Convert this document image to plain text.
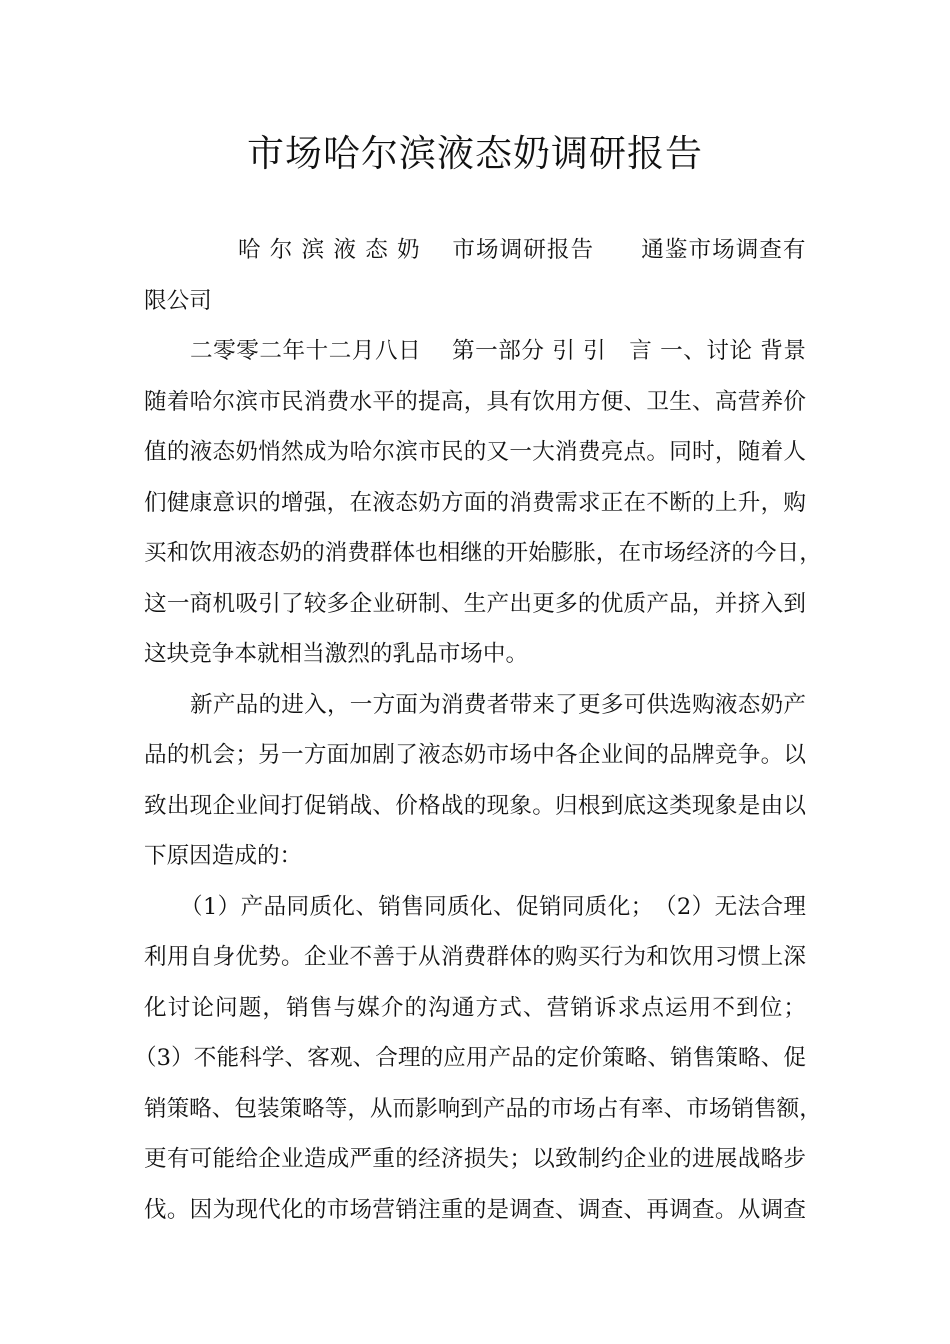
市场哈尔滨液态奶调研报告
哈 尔 滨 液 态 奶　 市场调研报告　　通鉴市场调查有
限公司
二零零二年十二月八日　 第一部分 引 引　言 一、讨论 背景
随着哈尔滨市民消费水平的提高，具有饮用方便、卫生、高营养价
值的液态奶悄然成为哈尔滨市民的又一大消费亮点。同时，随着人
们健康意识的增强，在液态奶方面的消费需求正在不断的上升，购
买和饮用液态奶的消费群体也相继的开始膨胀，在市场经济的今日，
这一商机吸引了较多企业研制、生产出更多的优质产品，并挤入到
这块竞争本就相当激烈的乳品市场中。
新产品的进入，一方面为消费者带来了更多可供选购液态奶产
品的机会；另一方面加剧了液态奶市场中各企业间的品牌竞争。以
致出现企业间打促销战、价格战的现象。归根到底这类现象是由以
下原因造成的：
（1）产品同质化、销售同质化、促销同质化；　（2）无法合理
利用自身优势。企业不善于从消费群体的购买行为和饮用习惯上深
化讨论问题，销售与媒介的沟通方式、营销诉求点运用不到位；
（3）不能科学、客观、合理的应用产品的定价策略、销售策略、促
销策略、包装策略等，从而影响到产品的市场占有率、市场销售额，
更有可能给企业造成严重的经济损失；以致制约企业的进展战略步
伐。因为现代化的市场营销注重的是调查、调查、再调查。从调查
